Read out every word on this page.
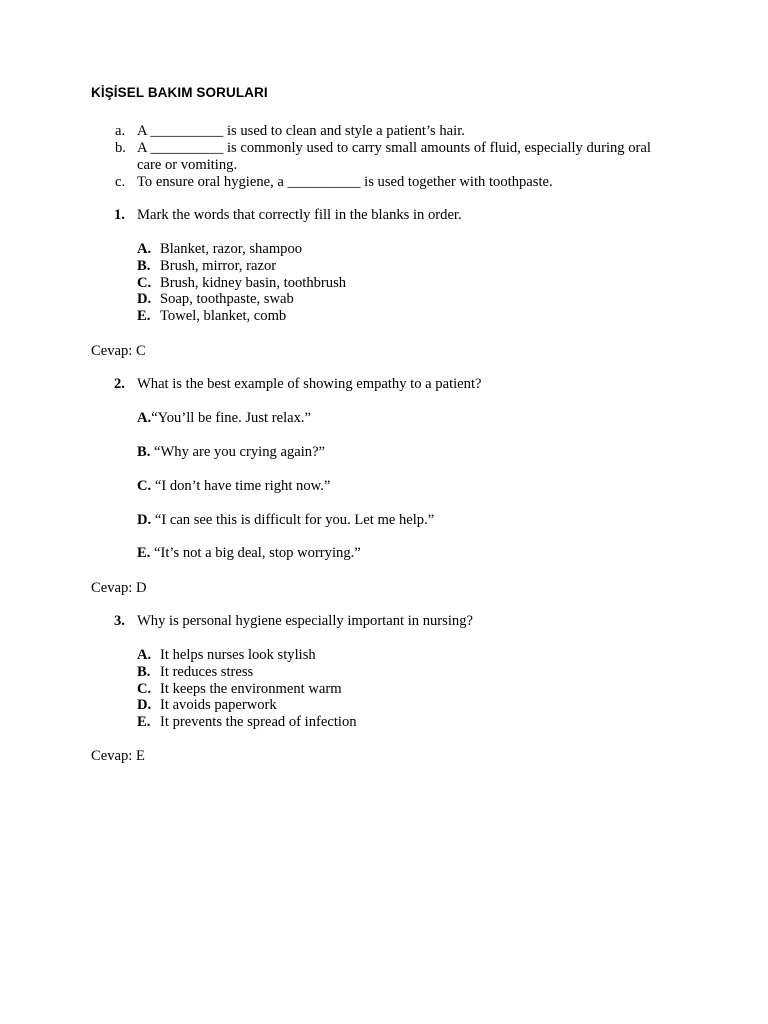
KİŞİSEL BAKIM SORULARI
a. A __________ is used to clean and style a patient’s hair.
b. A __________ is commonly used to carry small amounts of fluid, especially during oral care or vomiting.
c. To ensure oral hygiene, a __________ is used together with toothpaste.
1. Mark the words that correctly fill in the blanks in order.
A. Blanket, razor, shampoo
B. Brush, mirror, razor
C. Brush, kidney basin, toothbrush
D. Soap, toothpaste, swab
E. Towel, blanket, comb
Cevap: C
2. What is the best example of showing empathy to a patient?
A.“You’ll be fine. Just relax.”
B. “Why are you crying again?”
C. “I don’t have time right now.”
D. “I can see this is difficult for you. Let me help.”
E. “It’s not a big deal, stop worrying.”
Cevap: D
3. Why is personal hygiene especially important in nursing?
A. It helps nurses look stylish
B. It reduces stress
C. It keeps the environment warm
D. It avoids paperwork
E. It prevents the spread of infection
Cevap: E
